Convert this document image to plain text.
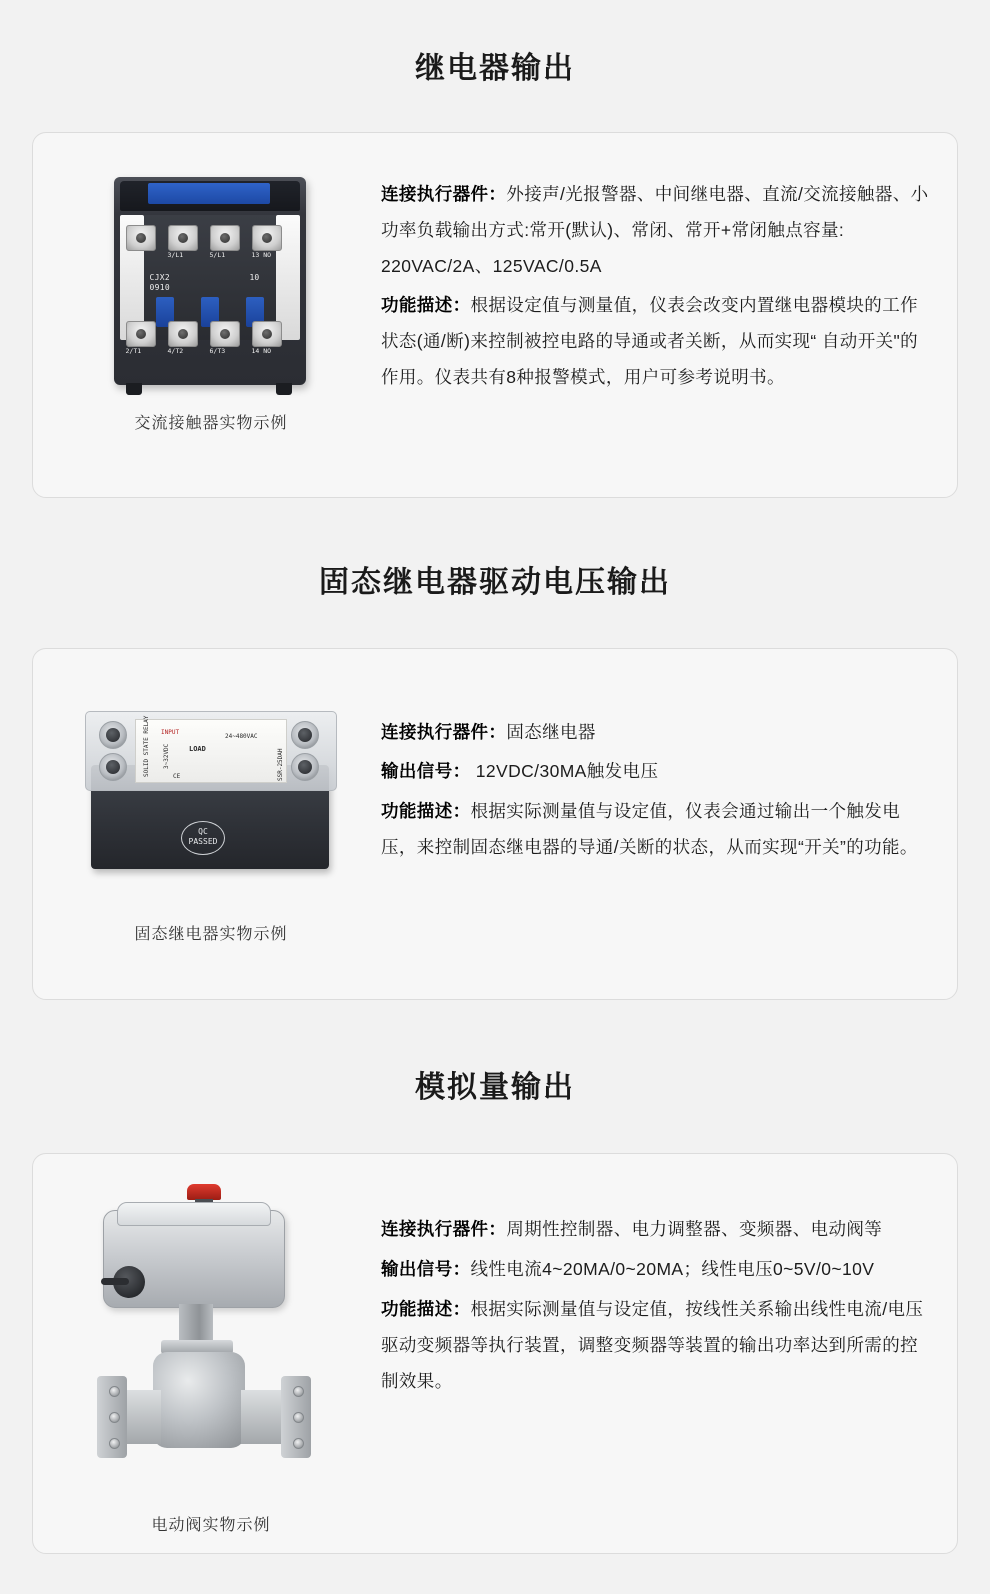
继电器输出
CJX2
0910
10
1/L1	3/L1	5/L1	13 NO
2/T1	4/T2	6/T3	14 NO
交流接触器实物示例

连接执行器件：外接声/光报警器、中间继电器、直流/交流接触器、小功率负载输出方式:常开(默认)、常闭、常开+常闭触点容量: 220VAC/2A、125VAC/0.5A

功能描述：根据设定值与测量值，仪表会改变内置继电器模块的工作状态(通/断)来控制被控电路的导通或者关断，从而实现“ 自动开关"的作用。仪表共有8种报警模式，用户可参考说明书。

固态继电器驱动电压输出
SOLID STATE RELAY	SSR-25DAH
LOAD
INPUT
3~32VDC
24~480VAC
CE
QC
PASSED
固态继电器实物示例

连接执行器件：固态继电器

输出信号： 12VDC/30MA触发电压

功能描述：根据实际测量值与设定值，仪表会通过输出一个触发电压，来控制固态继电器的导通/关断的状态，从而实现“开关”的功能。

模拟量输出
电动阀实物示例

连接执行器件：周期性控制器、电力调整器、变频器、电动阀等

输出信号：线性电流4~20MA/0~20MA；线性电压0~5V/0~10V

功能描述：根据实际测量值与设定值，按线性关系输出线性电流/电压驱动变频器等执行装置，调整变频器等装置的输出功率达到所需的控制效果。
